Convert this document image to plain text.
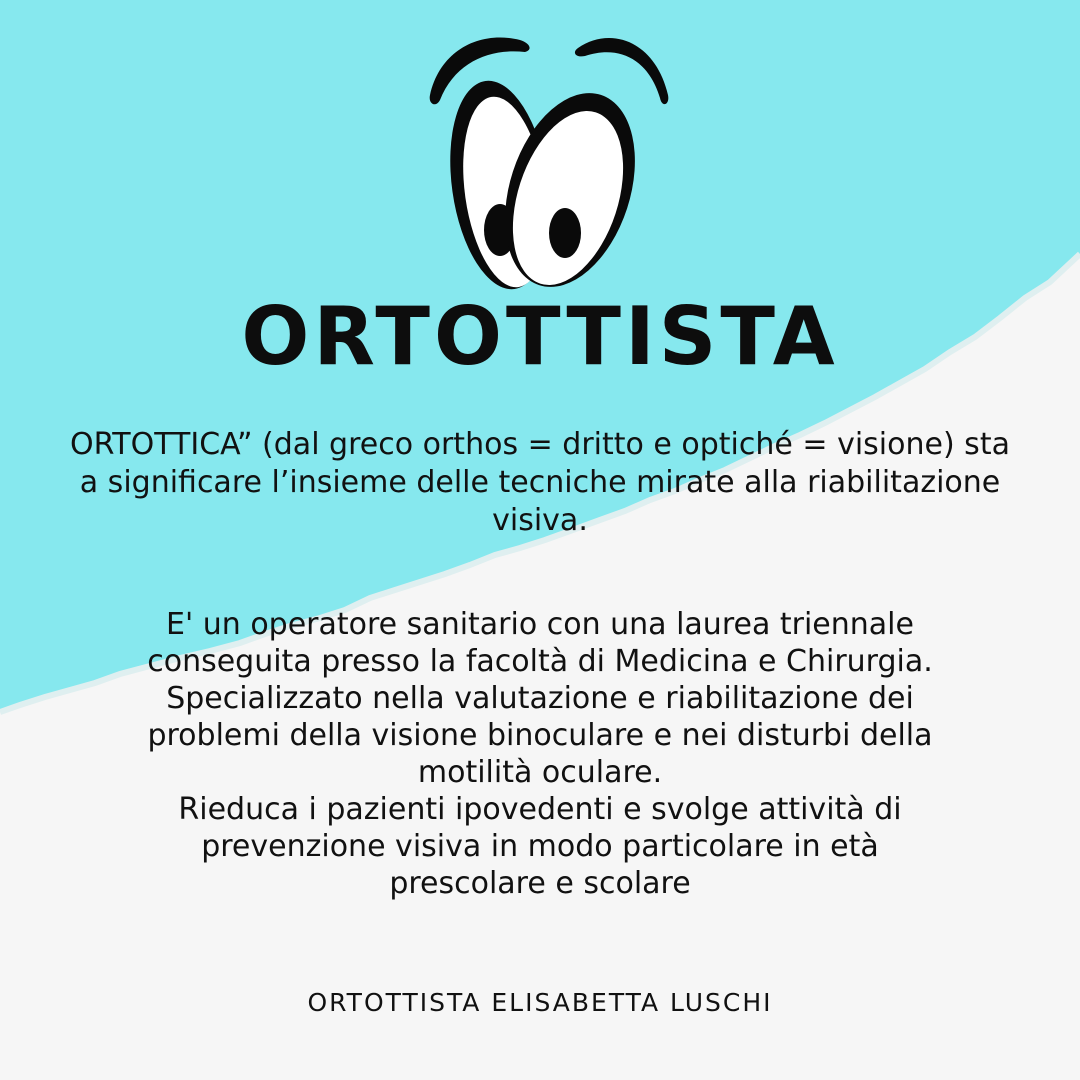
ORTOTTISTA

ORTOTTICA” (dal greco orthos = dritto e optiché = visione) sta a significare l’insieme delle tecniche mirate alla riabilitazione visiva.

E' un operatore sanitario con una laurea triennale
conseguita presso la facoltà di Medicina e Chirurgia.
Specializzato nella valutazione e riabilitazione dei
problemi della visione binoculare e nei disturbi della
motilità oculare.
Rieduca i pazienti ipovedenti e svolge attività di
prevenzione visiva in modo particolare in età
prescolare e scolare

ORTOTTISTA ELISABETTA LUSCHI
